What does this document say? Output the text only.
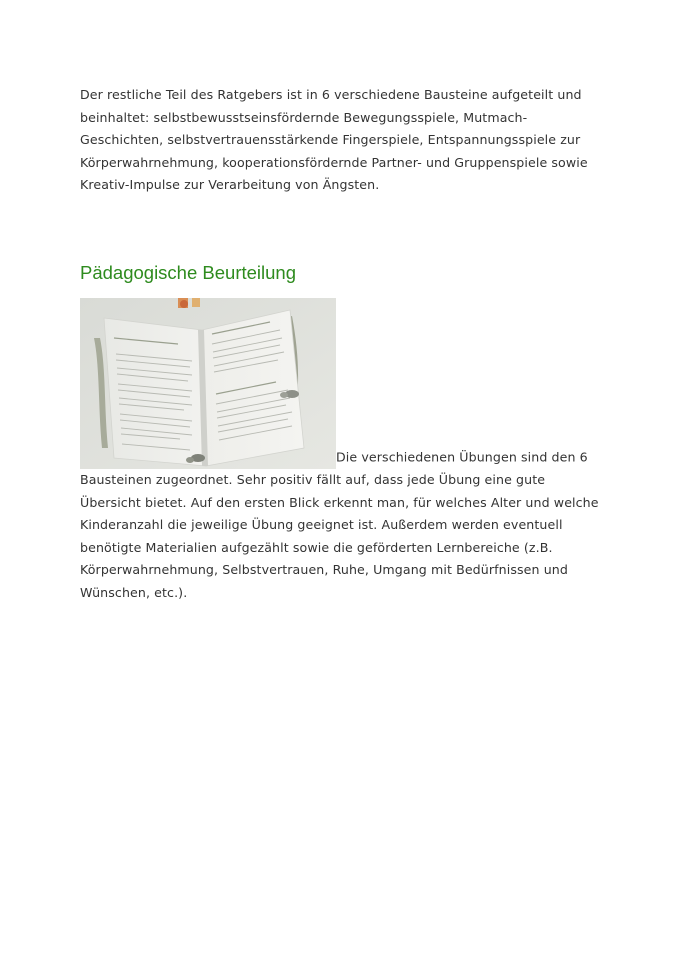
Der restliche Teil des Ratgebers ist in 6 verschiedene Bausteine aufgeteilt und beinhaltet: selbstbewusstseinsfördernde Bewegungsspiele, Mutmach-Geschichten, selbstvertrauensstärkende Fingerspiele, Entspannungsspiele zur Körperwahrnehmung, kooperationsfördernde Partner- und Gruppenspiele sowie Kreativ-Impulse zur Verarbeitung von Ängsten.

Pädagogische Beurteilung

Die verschiedenen Übungen sind den 6 Bausteinen zugeordnet. Sehr positiv fällt auf, dass jede Übung eine gute Übersicht bietet. Auf den ersten Blick erkennt man, für welches Alter und welche Kinderanzahl die jeweilige Übung geeignet ist. Außerdem werden eventuell benötigte Materialien aufgezählt sowie die geförderten Lernbereiche (z.B. Körperwahrnehmung, Selbstvertrauen, Ruhe, Umgang mit Bedürfnissen und Wünschen, etc.).
